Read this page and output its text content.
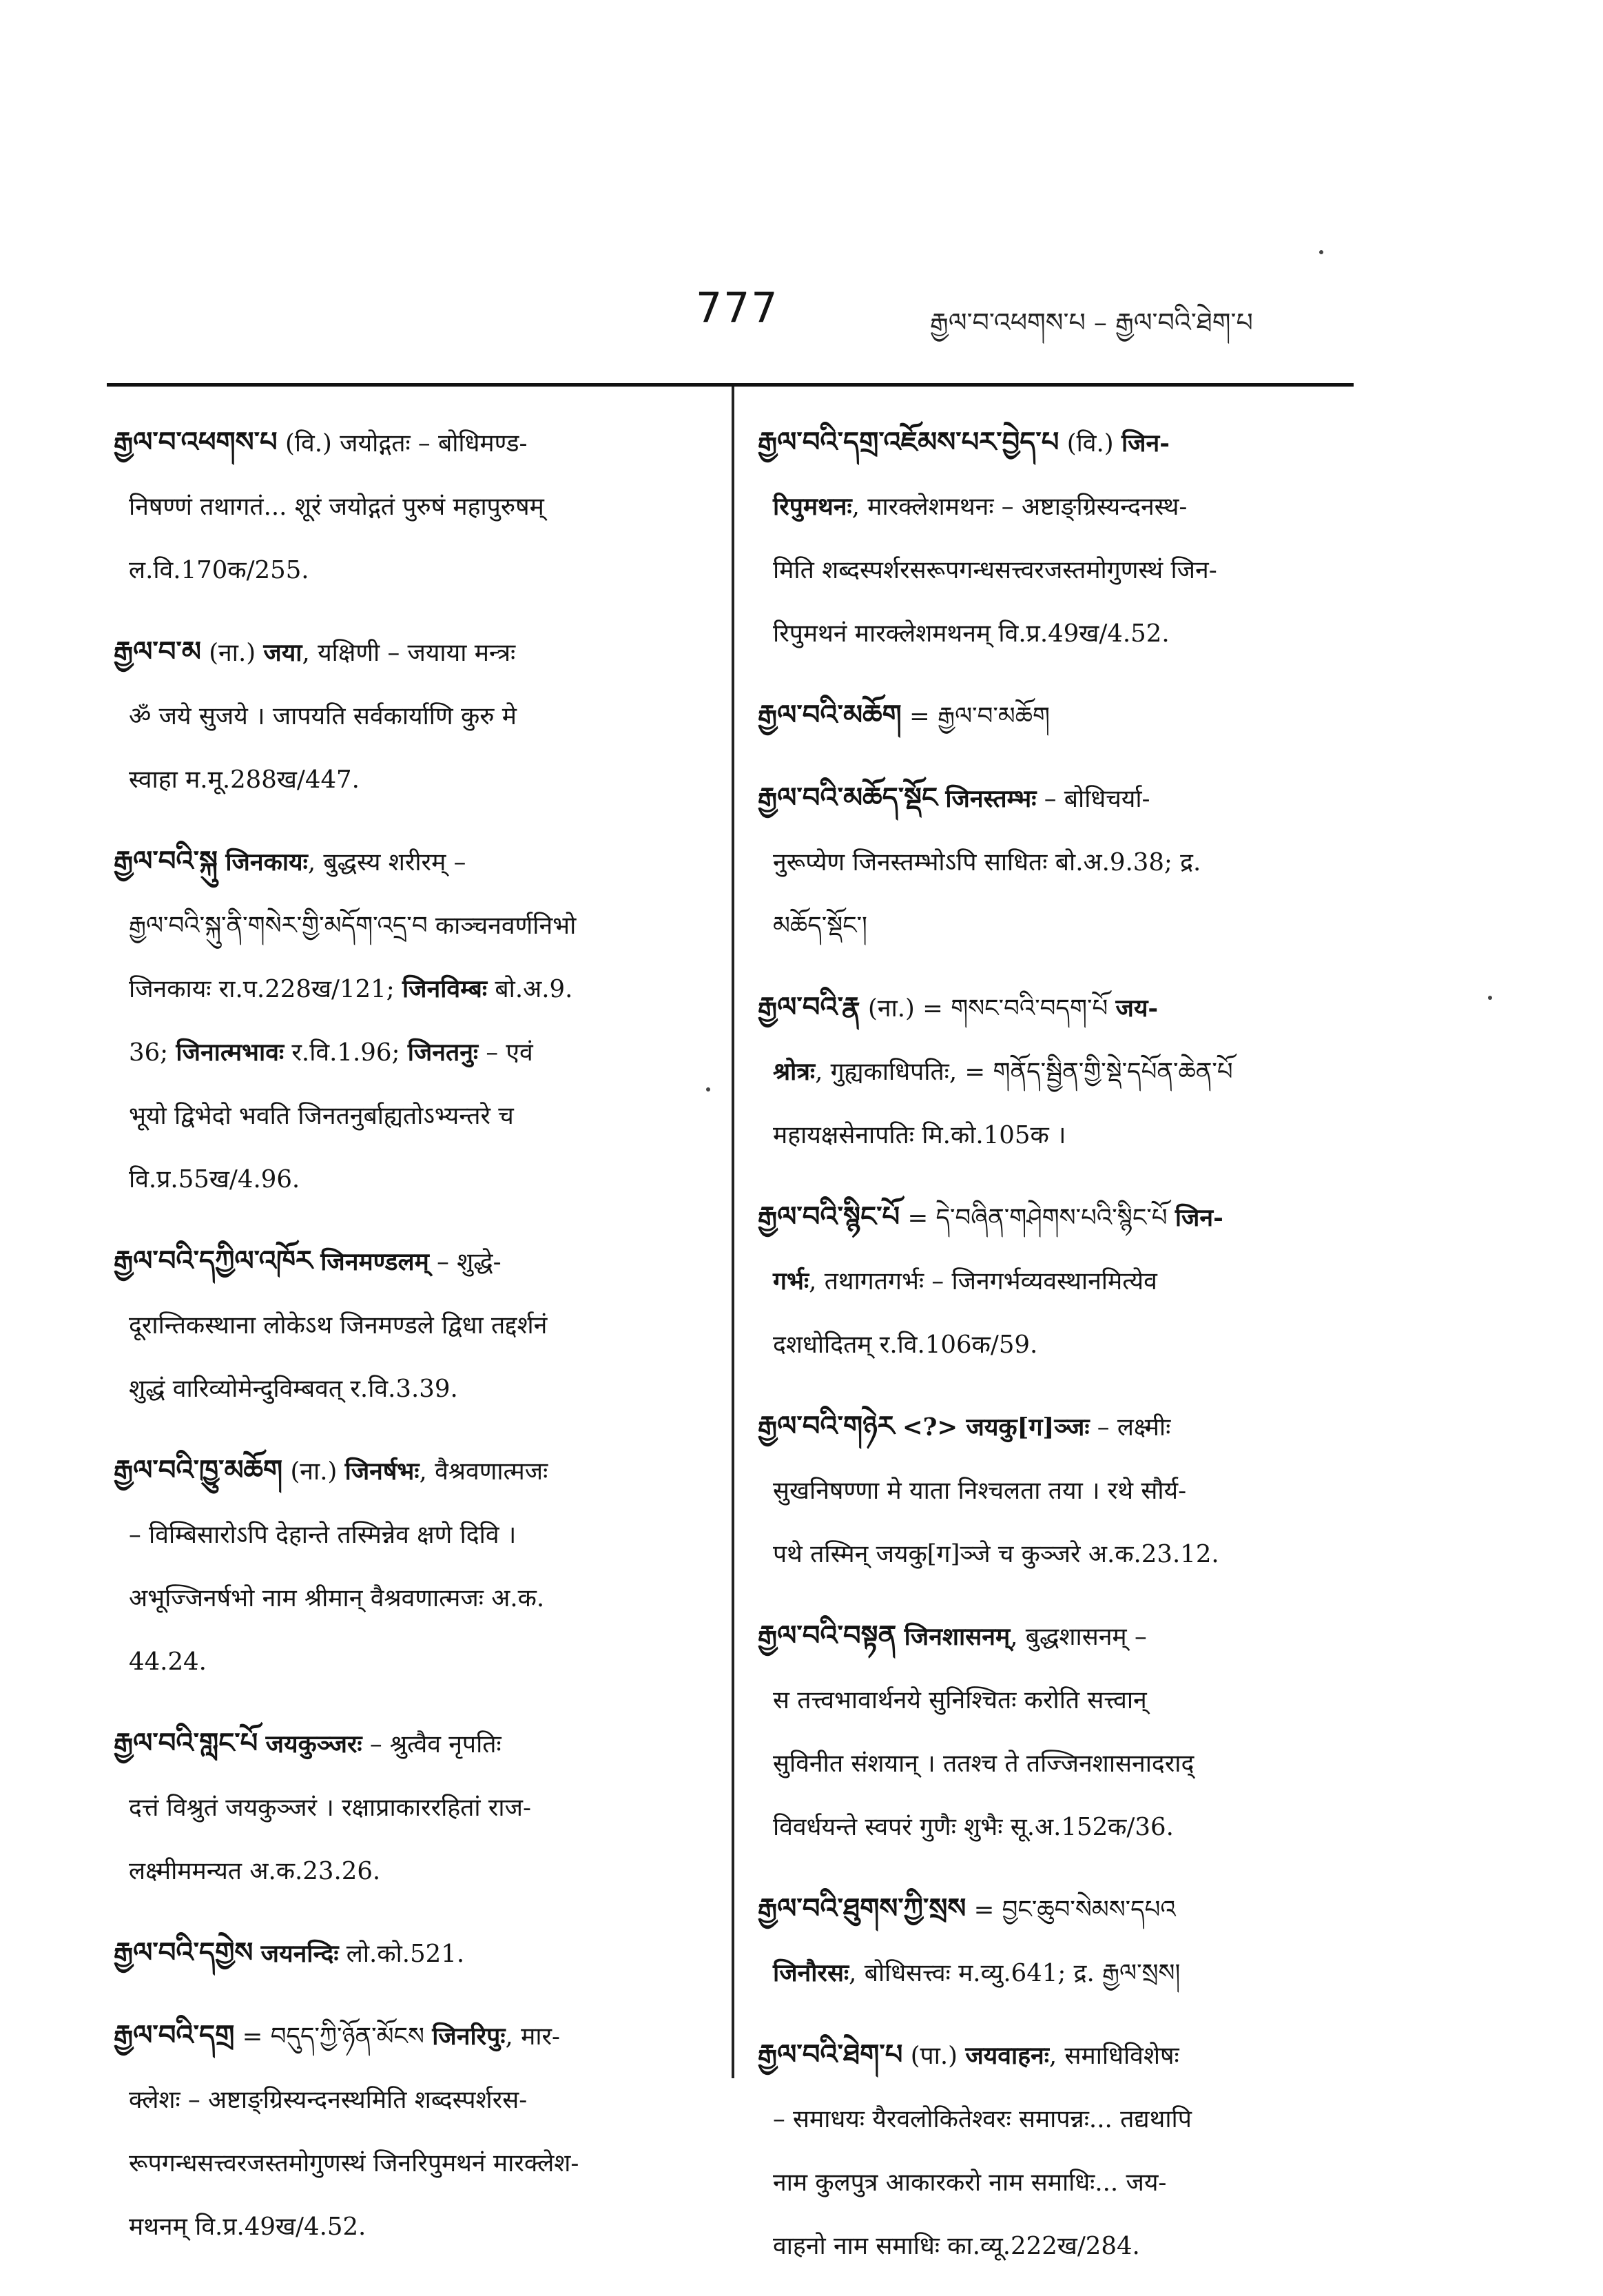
777	རྒྱལ་བ་འཕགས་པ – རྒྱལ་བའི་ཐེག་པ
རྒྱལ་བ་འཕགས་པ (वि.) जयोद्गतः – बोधिमण्ड-
निषण्णं तथागतं... शूरं जयोद्गतं पुरुषं महापुरुषम्
ल.वि.170क/255.
རྒྱལ་བ་མ (ना.) जया, यक्षिणी – जयाया मन्त्रः
ॐ जये सुजये । जापयति सर्वकार्याणि कुरु मे
स्वाहा म.मू.288ख/447.
རྒྱལ་བའི་སྐུ जिनकायः, बुद्धस्य शरीरम् –
རྒྱལ་བའི་སྐུ་ནི་གསེར་གྱི་མདོག་འདྲ་བ काञ्चनवर्णनिभो
जिनकायः रा.प.228ख/121; जिनविम्बः बो.अ.9.
36; जिनात्मभावः र.वि.1.96; जिनतनुः – एवं
भूयो द्विभेदो भवति जिनतनुर्बाह्यतोऽभ्यन्तरे च
वि.प्र.55ख/4.96.
རྒྱལ་བའི་དཀྱིལ་འཁོར जिनमण्डलम् – शुद्धे-
दूरान्तिकस्थाना लोकेऽथ जिनमण्डले द्विधा तद्दर्शनं
शुद्धं वारिव्योमेन्दुविम्बवत् र.वि.3.39.
རྒྱལ་བའི་ཁྱུ་མཆོག (ना.) जिनर्षभः, वैश्रवणात्मजः
– विम्बिसारोऽपि देहान्ते तस्मिन्नेव क्षणे दिवि ।
अभूज्जिनर्षभो नाम श्रीमान् वैश्रवणात्मजः अ.क.
44.24.
རྒྱལ་བའི་གླང་པོ जयकुञ्जरः – श्रुत्वैव नृपतिः
दत्तं विश्रुतं जयकुञ्जरं । रक्षाप्राकाररहितां राज-
लक्ष्मीममन्यत अ.क.23.26.
རྒྱལ་བའི་དགྱེས जयनन्दिः लो.को.521.
རྒྱལ་བའི་དགྲ = བདུད་ཀྱི་ཉོན་མོངས जिनरिपुः, मार-
क्लेशः – अष्टाङ्ग्रिस्यन्दनस्थमिति शब्दस्पर्शरस-
रूपगन्धसत्त्वरजस्तमोगुणस्थं जिनरिपुमथनं मारक्लेश-
मथनम् वि.प्र.49ख/4.52.
རྒྱལ་བའི་དགྲ་འཇོམས་པར་བྱེད་པ (वि.) जिन-
रिपुमथनः, मारक्लेशमथनः – अष्टाङ्ग्रिस्यन्दनस्थ-
मिति शब्दस्पर्शरसरूपगन्धसत्त्वरजस्तमोगुणस्थं जिन-
रिपुमथनं मारक्लेशमथनम् वि.प्र.49ख/4.52.
རྒྱལ་བའི་མཆོག = རྒྱལ་བ་མཆོག
རྒྱལ་བའི་མཆོད་སྡོང जिनस्तम्भः – बोधिचर्या-
नुरूप्येण जिनस्तम्भोऽपि साधितः बो.अ.9.38; द्र.
མཆོད་སྡོང་།
རྒྱལ་བའི་རྣ (ना.) = གསང་བའི་བདག་པོ जय-
श्रोत्रः, गुह्यकाधिपतिः, = གནོད་སྦྱིན་གྱི་སྡེ་དཔོན་ཆེན་པོ
महायक्षसेनापतिः मि.को.105क ।
རྒྱལ་བའི་སྙིང་པོ = དེ་བཞིན་གཤེགས་པའི་སྙིང་པོ जिन-
गर्भः, तथागतगर्भः – जिनगर्भव्यवस्थानमित्येव
दशधोदितम् र.वि.106क/59.
རྒྱལ་བའི་གཉེར <?> जयकु[ग]ञ्जः – लक्ष्मीः
सुखनिषण्णा मे याता निश्चलता तया । रथे सौर्य-
पथे तस्मिन् जयकु[ग]ञ्जे च कुञ्जरे अ.क.23.12.
རྒྱལ་བའི་བསྟན जिनशासनम्, बुद्धशासनम् –
स तत्त्वभावार्थनये सुनिश्चितः करोति सत्त्वान्
सुविनीत संशयान् । ततश्च ते तज्जिनशासनादराद्
विवर्धयन्ते स्वपरं गुणैः शुभैः सू.अ.152क/36.
རྒྱལ་བའི་ཐུགས་ཀྱི་སྲས = བྱང་ཆུབ་སེམས་དཔའ
जिनौरसः, बोधिसत्त्वः म.व्यु.641; द्र. རྒྱལ་སྲས།
རྒྱལ་བའི་ཐེག་པ (पा.) जयवाहनः, समाधिविशेषः
– समाधयः यैरवलोकितेश्वरः समापन्नः... तद्यथापि
नाम कुलपुत्र आकारकरो नाम समाधिः... जय-
वाहनो नाम समाधिः का.व्यू.222ख/284.
